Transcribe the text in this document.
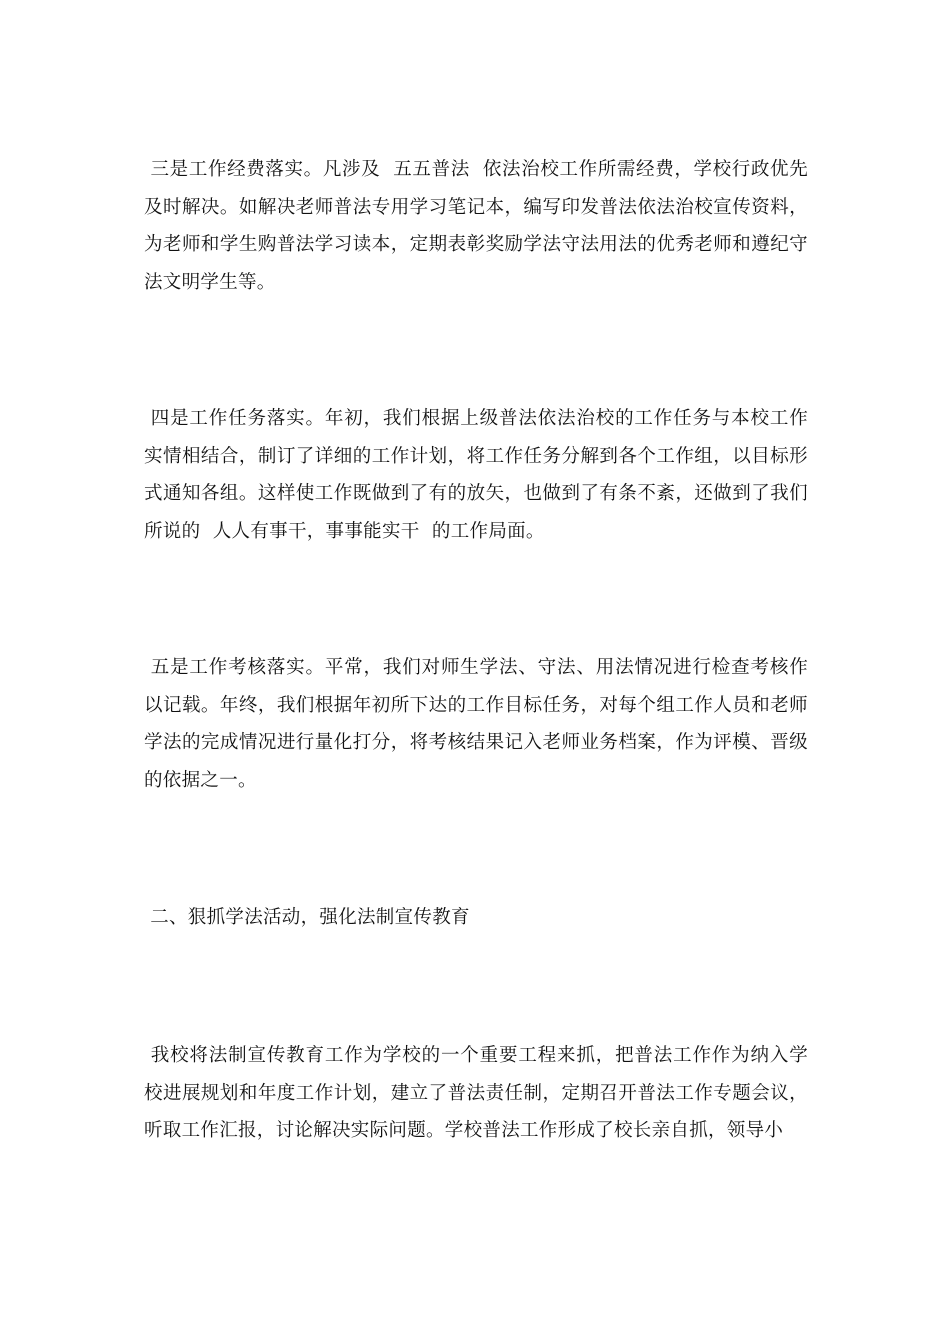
三是工作经费落实。凡涉及  五五普法  依法治校工作所需经费，学校行政优先及时解决。如解决老师普法专用学习笔记本，编写印发普法依法治校宣传资料，为老师和学生购普法学习读本，定期表彰奖励学法守法用法的优秀老师和遵纪守法文明学生等。

四是工作任务落实。年初，我们根据上级普法依法治校的工作任务与本校工作实情相结合，制订了详细的工作计划，将工作任务分解到各个工作组，以目标形式通知各组。这样使工作既做到了有的放矢，也做到了有条不紊，还做到了我们所说的  人人有事干，事事能实干  的工作局面。

五是工作考核落实。平常，我们对师生学法、守法、用法情况进行检查考核作以记载。年终，我们根据年初所下达的工作目标任务，对每个组工作人员和老师学法的完成情况进行量化打分，将考核结果记入老师业务档案，作为评模、晋级的依据之一。

二、狠抓学法活动，强化法制宣传教育

我校将法制宣传教育工作为学校的一个重要工程来抓，把普法工作作为纳入学校进展规划和年度工作计划，建立了普法责任制，定期召开普法工作专题会议，听取工作汇报，讨论解决实际问题。学校普法工作形成了校长亲自抓，领导小
